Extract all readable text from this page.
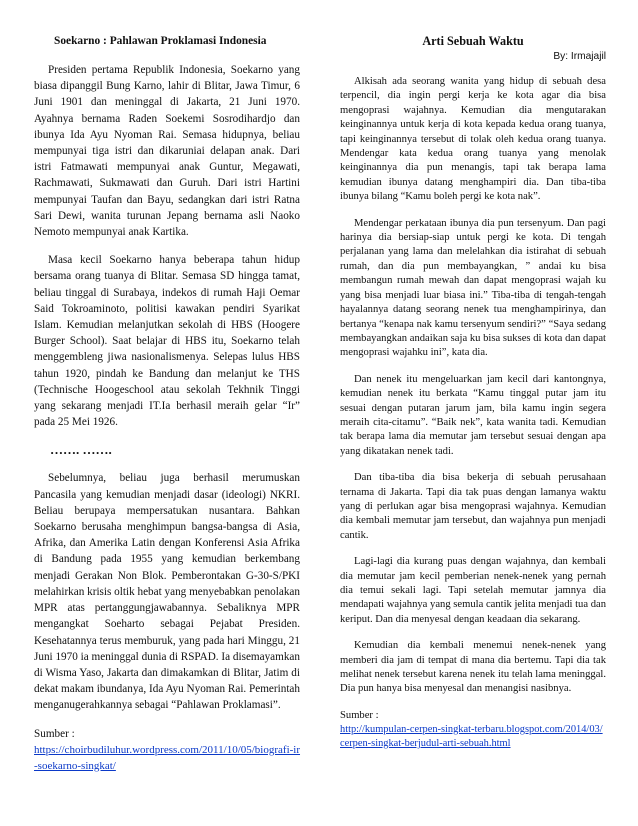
Soekarno : Pahlawan Proklamasi Indonesia

Presiden pertama Republik Indonesia, Soekarno yang biasa dipanggil Bung Karno, lahir di Blitar, Jawa Timur, 6 Juni 1901 dan meninggal di Jakarta, 21 Juni 1970. Ayahnya bernama Raden Soekemi Sosrodihardjo dan ibunya Ida Ayu Nyoman Rai. Semasa hidupnya, beliau mempunyai tiga istri dan dikaruniai delapan anak. Dari istri Fatmawati mempunyai anak Guntur, Megawati, Rachmawati, Sukmawati dan Guruh. Dari istri Hartini mempunyai Taufan dan Bayu, sedangkan dari istri Ratna Sari Dewi, wanita turunan Jepang bernama asli Naoko Nemoto mempunyai anak Kartika.

Masa kecil Soekarno hanya beberapa tahun hidup bersama orang tuanya di Blitar. Semasa SD hingga tamat, beliau tinggal di Surabaya, indekos di rumah Haji Oemar Said Tokroaminoto, politisi kawakan pendiri Syarikat Islam. Kemudian melanjutkan sekolah di HBS (Hoogere Burger School). Saat belajar di HBS itu, Soekarno telah menggembleng jiwa nasionalismenya. Selepas lulus HBS tahun 1920, pindah ke Bandung dan melanjut ke THS (Technische Hoogeschool atau sekolah Tekhnik Tinggi yang sekarang menjadi IT.Ia berhasil meraih gelar “Ir” pada 25 Mei 1926.

……. …….

Sebelumnya, beliau juga berhasil merumuskan Pancasila yang kemudian menjadi dasar (ideologi) NKRI. Beliau berupaya mempersatukan nusantara. Bahkan Soekarno berusaha menghimpun bangsa-bangsa di Asia, Afrika, dan Amerika Latin dengan Konferensi Asia Afrika di Bandung pada 1955 yang kemudian berkembang menjadi Gerakan Non Blok. Pemberontakan G-30-S/PKI melahirkan krisis oltik hebat yang menyebabkan penolakan MPR atas pertanggungjawabannya. Sebaliknya MPR mengangkat Soeharto sebagai Pejabat Presiden. Kesehatannya terus memburuk, yang pada hari Minggu, 21 Juni 1970 ia meninggal dunia di RSPAD. Ia disemayamkan di Wisma Yaso, Jakarta dan dimakamkan di Blitar, Jatim di dekat makam ibundanya, Ida Ayu Nyoman Rai. Pemerintah menganugerahkannya sebagai “Pahlawan Proklamasi”.

Sumber :
https://choirbudiluhur.wordpress.com/2011/10/05/biografi-ir-soekarno-singkat/
Arti Sebuah Waktu
By: Irmajajil

Alkisah ada seorang wanita yang hidup di sebuah desa terpencil, dia ingin pergi kerja ke kota agar dia bisa mengoprasi wajahnya. Kemudian dia mengutarakan keinginannya untuk kerja di kota kepada kedua orang tuanya, tapi keinginannya tersebut di tolak oleh kedua orang tuanya. Mendengar kata kedua orang tuanya yang menolak keinginannya dia pun menangis, tapi tak berapa lama kemudian ibunya datang menghampiri dia. Dan tiba-tiba ibunya bilang “Kamu boleh pergi ke kota nak”.

Mendengar perkataan ibunya dia pun tersenyum. Dan pagi harinya dia bersiap-siap untuk pergi ke kota. Di tengah perjalanan yang lama dan melelahkan dia istirahat di sebuah rumah, dan dia pun membayangkan, ” andai ku bisa membangun rumah mewah dan dapat mengoprasi wajah ku yang bisa menjadi luar biasa ini.” Tiba-tiba di tengah-tengah hayalannya datang seorang nenek tua menghampirinya, dan bertanya “kenapa nak kamu tersenyum sendiri?” “Saya sedang membayangkan andaikan saja ku bisa sukses di kota dan dapat mengoprasi wajahku ini”, kata dia.

Dan nenek itu mengeluarkan jam kecil dari kantongnya, kemudian nenek itu berkata “Kamu tinggal putar jam itu sesuai dengan putaran jarum jam, bila kamu ingin segera meraih cita-citamu”. “Baik nek”, kata wanita tadi. Kemudian tak berapa lama dia memutar jam tersebut sesuai dengan apa yang dikatakan nenek tadi.

Dan tiba-tiba dia bisa bekerja di sebuah perusahaan ternama di Jakarta. Tapi dia tak puas dengan lamanya waktu yang di perlukan agar bisa mengoprasi wajahnya. Kemudian dia kembali memutar jam tersebut, dan wajahnya pun menjadi cantik.

Lagi-lagi dia kurang puas dengan wajahnya, dan kembali dia memutar jam kecil pemberian nenek-nenek yang pernah dia temui sekali lagi. Tapi setelah memutar jamnya dia mendapati wajahnya yang semula cantik jelita menjadi tua dan keriput. Dan dia menyesal dengan keadaan dia sekarang.

Kemudian dia kembali menemui nenek-nenek yang memberi dia jam di tempat di mana dia bertemu. Tapi dia tak melihat nenek tersebut karena nenek itu telah lama meninggal. Dia pun hanya bisa menyesal dan menangisi nasibnya.

Sumber :
http://kumpulan-cerpen-singkat-terbaru.blogspot.com/2014/03/cerpen-singkat-berjudul-arti-sebuah.html
